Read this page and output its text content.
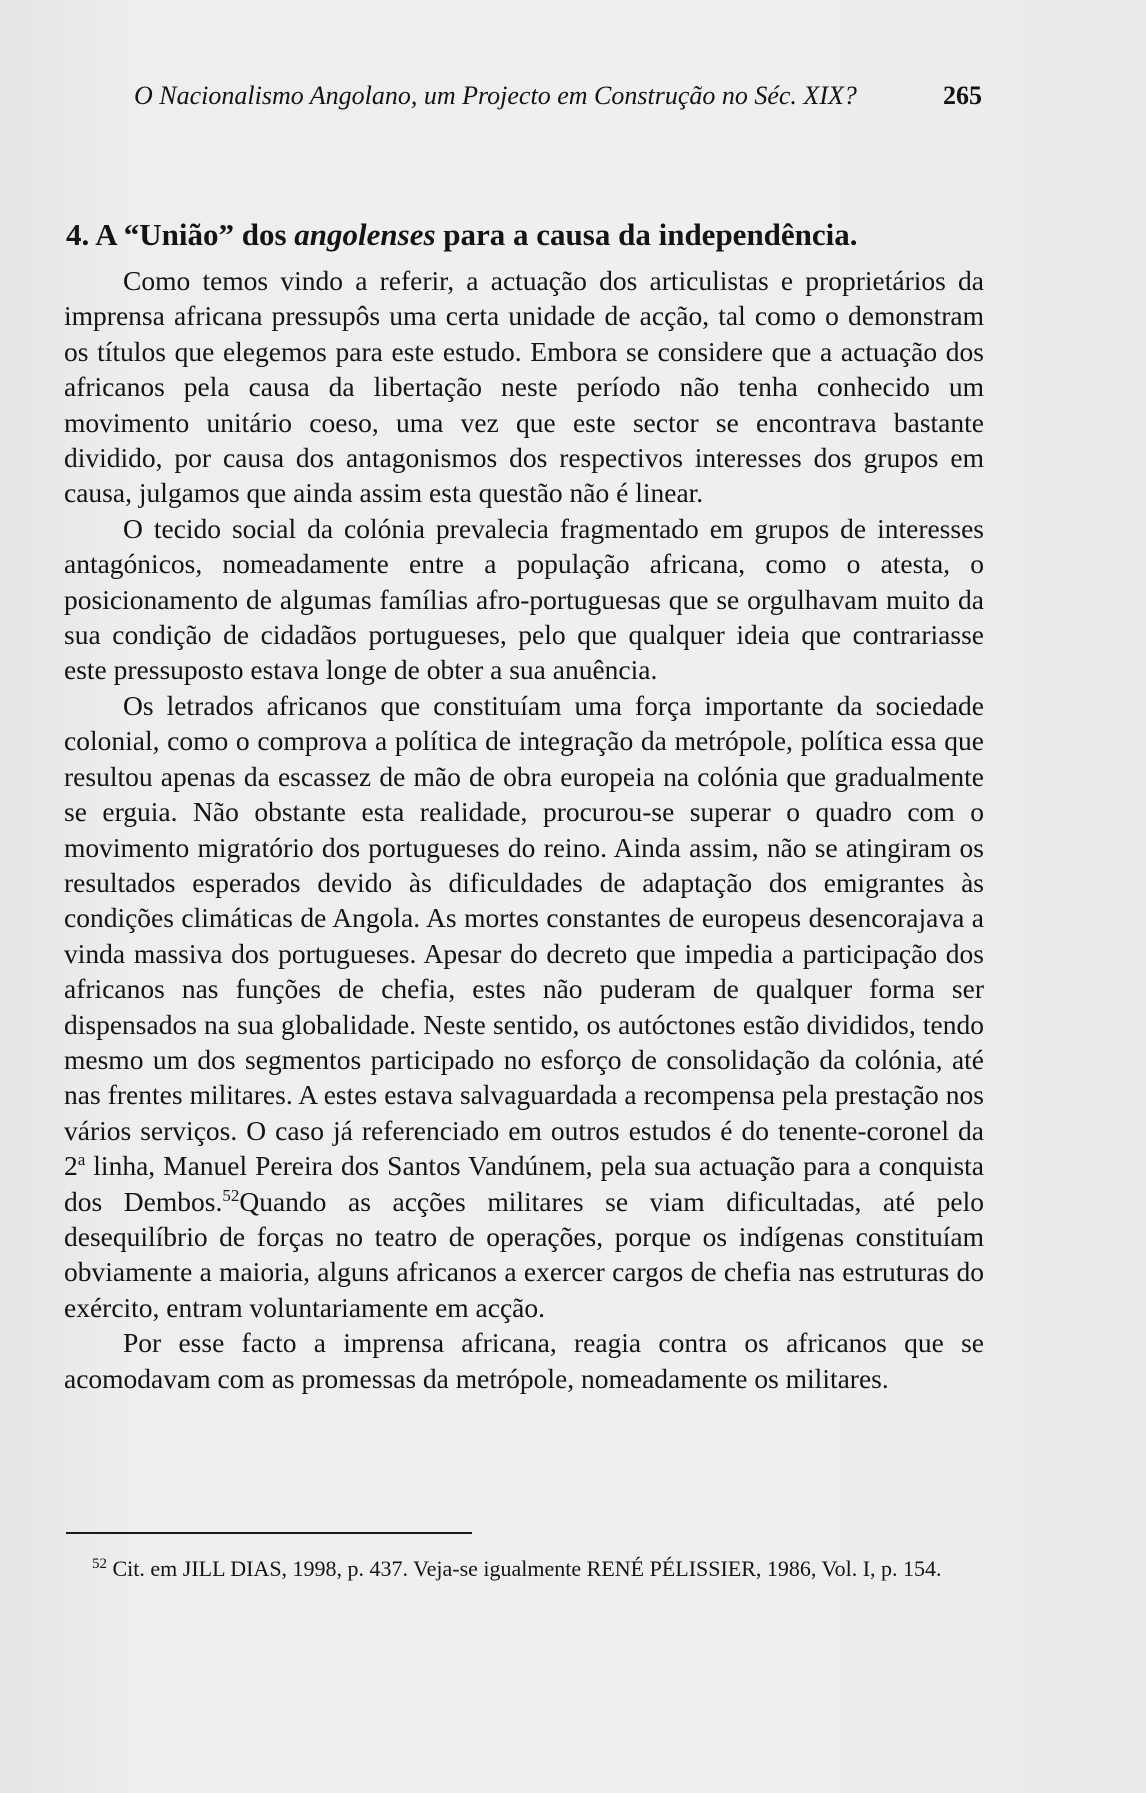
O Nacionalismo Angolano, um Projecto em Construção no Séc. XIX?	265
4. A “União” dos angolenses para a causa da independência.

Como temos vindo a referir, a actuação dos articulistas e proprietários da imprensa africana pressupôs uma certa unidade de acção, tal como o demonstram os títulos que elegemos para este estudo. Embora se considere que a actuação dos africanos pela causa da libertação neste período não tenha conhecido um movimento unitário coeso, uma vez que este sector se encontrava bastante dividido, por causa dos antagonismos dos respectivos interesses dos grupos em causa, julgamos que ainda assim esta questão não é linear.

O tecido social da colónia prevalecia fragmentado em grupos de interesses antagónicos, nomeadamente entre a população africana, como o atesta, o posicionamento de algumas famílias afro-portuguesas que se orgulhavam muito da sua condição de cidadãos portugueses, pelo que qualquer ideia que contrariasse este pressuposto estava longe de obter a sua anuência.

Os letrados africanos que constituíam uma força importante da sociedade colonial, como o comprova a política de integração da metrópole, política essa que resultou apenas da escassez de mão de obra europeia na colónia que gradualmente se erguia. Não obstante esta realidade, procurou-se superar o quadro com o movimento migratório dos portugueses do reino. Ainda assim, não se atingiram os resultados esperados devido às dificuldades de adaptação dos emigrantes às condições climáticas de Angola. As mortes constantes de europeus desencorajava a vinda massiva dos portugueses. Apesar do decreto que impedia a participação dos africanos nas funções de chefia, estes não puderam de qualquer forma ser dispensados na sua globalidade. Neste sentido, os autóctones estão divididos, tendo mesmo um dos segmentos participado no esforço de consolidação da colónia, até nas frentes militares. A estes estava salvaguardada a recompensa pela prestação nos vários serviços. O caso já referenciado em outros estudos é do tenente-coronel da 2$^a$ linha, Manuel Pereira dos Santos Vandúnem, pela sua actuação para a conquista dos Dembos.$^{52}$Quando as acções militares se viam dificultadas, até pelo desequilíbrio de forças no teatro de operações, porque os indígenas constituíam obviamente a maioria, alguns africanos a exercer cargos de chefia nas estruturas do exército, entram voluntariamente em acção.

Por esse facto a imprensa africana, reagia contra os africanos que se acomodavam com as promessas da metrópole, nomeadamente os militares.

$^{52}$ Cit. em JILL DIAS, 1998, p. 437. Veja-se igualmente RENÉ PÉLISSIER, 1986, Vol. I, p. 154.
